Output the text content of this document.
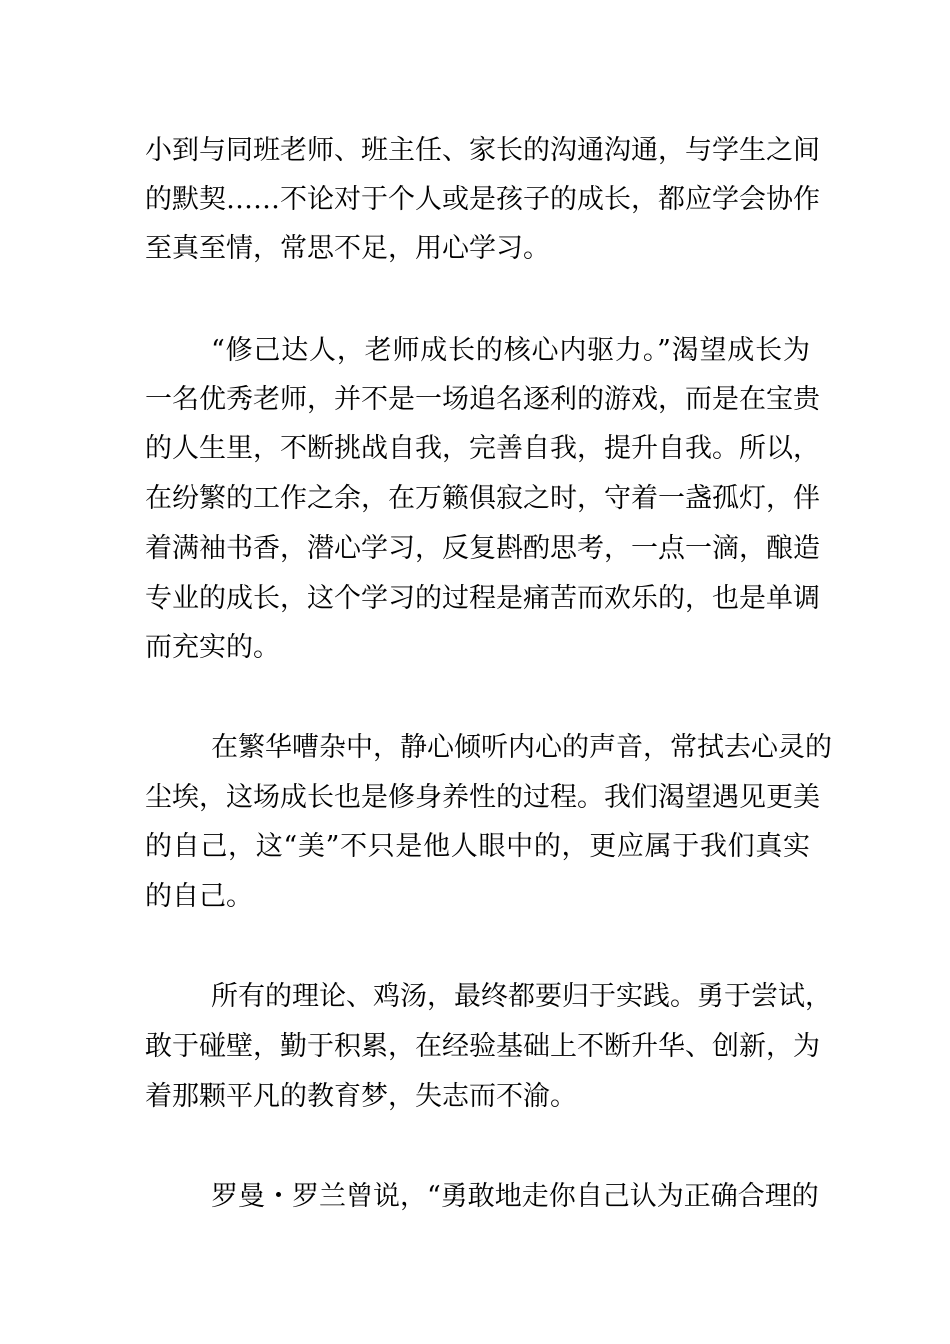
小到与同班老师、班主任、家长的沟通沟通，与学生之间

的默契……不论对于个人或是孩子的成长，都应学会协作

至真至情，常思不足，用心学习。

“修己达人，老师成长的核心内驱力。”渴望成长为

一名优秀老师，并不是一场追名逐利的游戏，而是在宝贵

的人生里，不断挑战自我，完善自我，提升自我。所以，

在纷繁的工作之余，在万籁俱寂之时，守着一盏孤灯，伴

着满袖书香，潜心学习，反复斟酌思考，一点一滴，酿造

专业的成长，这个学习的过程是痛苦而欢乐的，也是单调

而充实的。

在繁华嘈杂中，静心倾听内心的声音，常拭去心灵的

尘埃，这场成长也是修身养性的过程。我们渴望遇见更美

的自己，这“美”不只是他人眼中的，更应属于我们真实

的自己。

所有的理论、鸡汤，最终都要归于实践。勇于尝试，

敢于碰壁，勤于积累，在经验基础上不断升华、创新，为

着那颗平凡的教育梦，失志而不渝。

罗曼・罗兰曾说，“勇敢地走你自己认为正确合理的
